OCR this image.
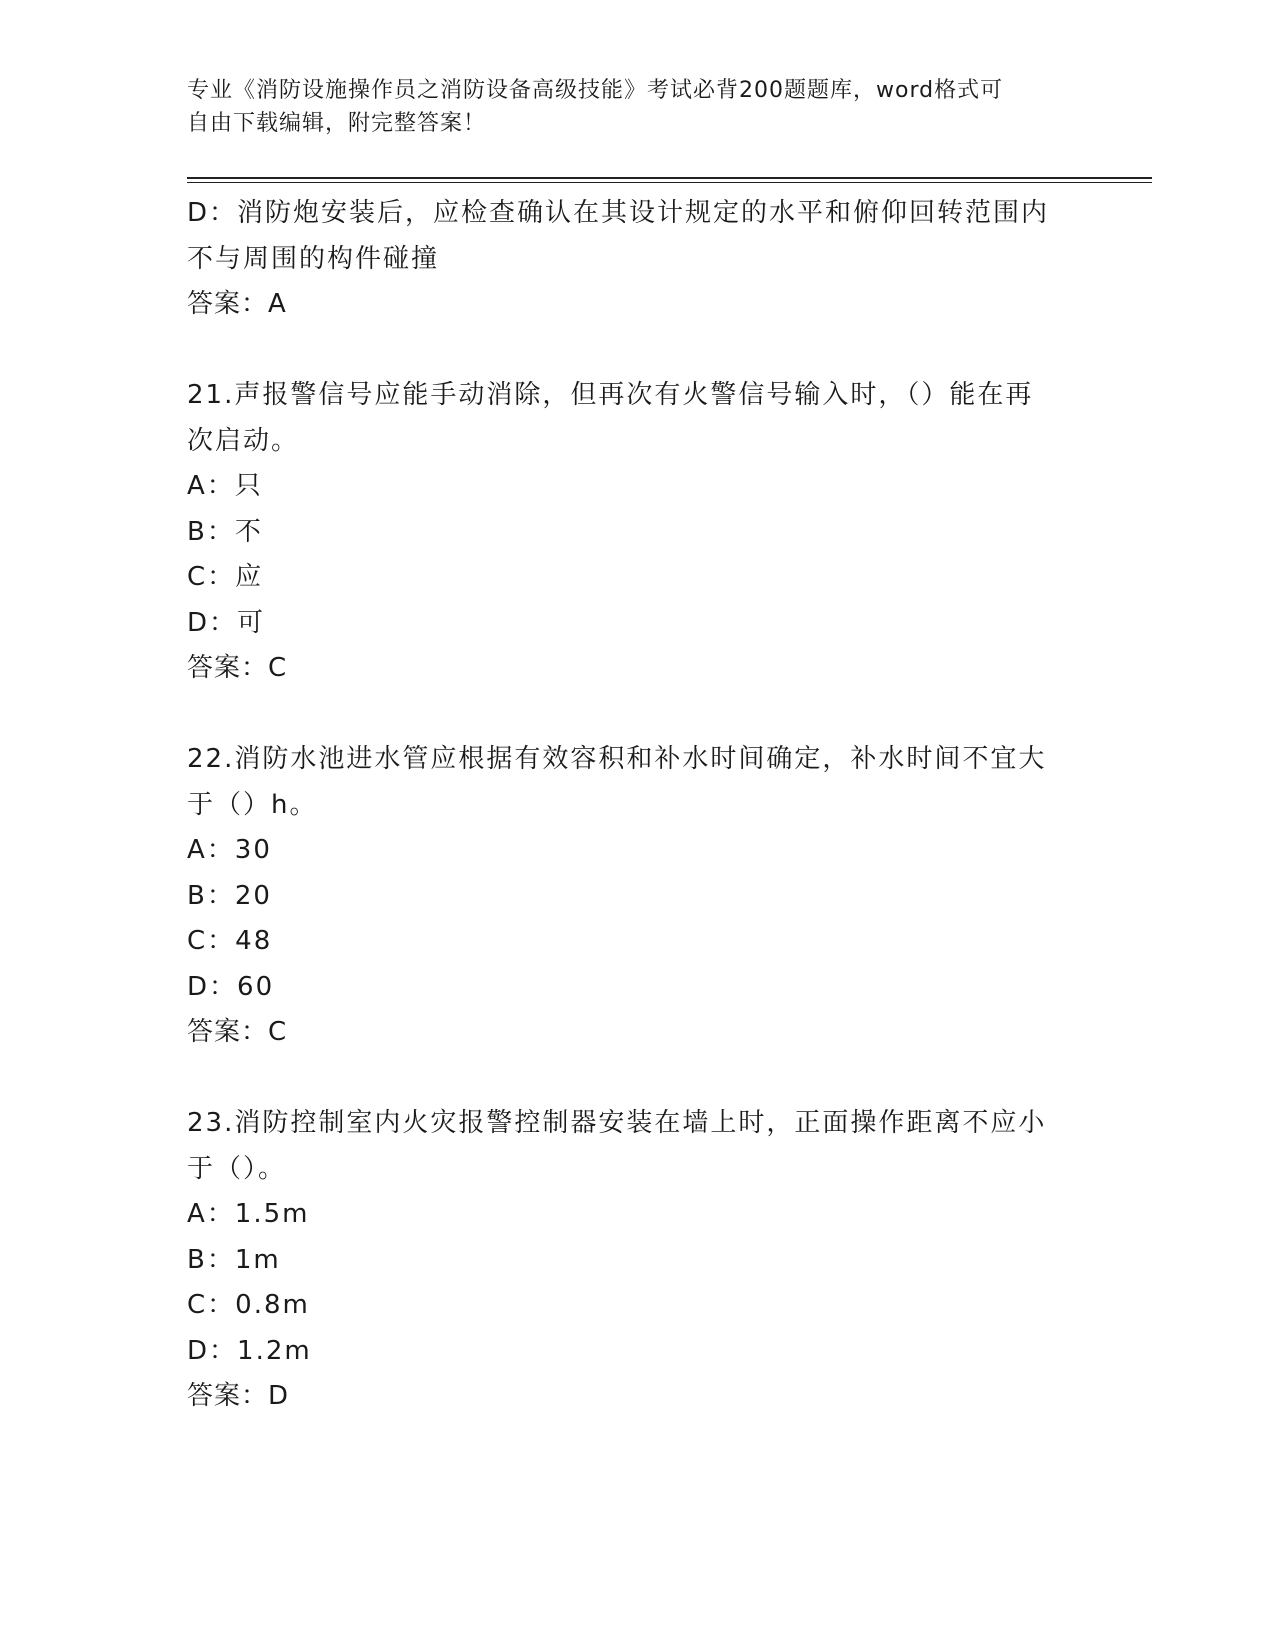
专业《消防设施操作员之消防设备高级技能》考试必背200题题库，word格式可
自由下载编辑，附完整答案！
D：消防炮安装后，应检查确认在其设计规定的水平和俯仰回转范围内
不与周围的构件碰撞
答案：A
21.声报警信号应能手动消除，但再次有火警信号输入时，（）能在再
次启动。
A：只
B：不
C：应
D：可
答案：C
22.消防水池进水管应根据有效容积和补水时间确定，补水时间不宜大
于（）h。
A：30
B：20
C：48
D：60
答案：C
23.消防控制室内火灾报警控制器安装在墙上时，正面操作距离不应小
于（）。
A：1.5m
B：1m
C：0.8m
D：1.2m
答案：D
